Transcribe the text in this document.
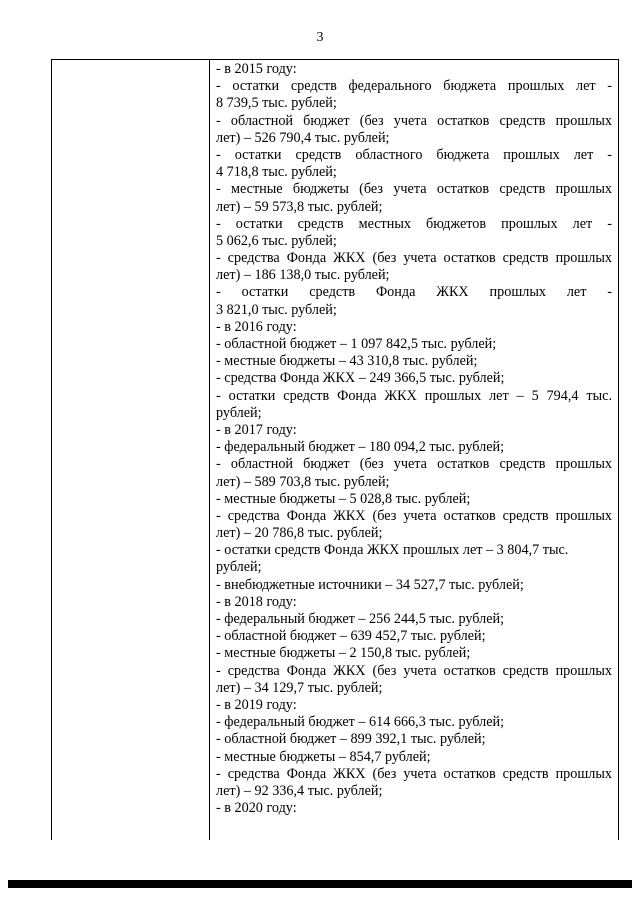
3
- в 2015 году:
- остатки средств федерального бюджета прошлых лет -
8 739,5 тыс. рублей;
- областной бюджет (без учета остатков средств прошлых
лет) – 526 790,4 тыс. рублей;
- остатки средств областного бюджета прошлых лет -
4 718,8 тыс. рублей;
- местные бюджеты (без учета остатков средств прошлых
лет) – 59 573,8 тыс. рублей;
- остатки средств местных бюджетов прошлых лет -
5 062,6 тыс. рублей;
- средства Фонда ЖКХ (без учета остатков средств прошлых
лет) – 186 138,0 тыс. рублей;
- остатки средств Фонда ЖКХ прошлых лет -
3 821,0 тыс. рублей;
- в 2016 году:
- областной бюджет – 1 097 842,5 тыс. рублей;
- местные бюджеты – 43 310,8 тыс. рублей;
- средства Фонда ЖКХ – 249 366,5 тыс. рублей;
- остатки средств Фонда ЖКХ прошлых лет – 5 794,4 тыс.
рублей;
- в 2017 году:
- федеральный бюджет – 180 094,2 тыс. рублей;
- областной бюджет (без учета остатков средств прошлых
лет) – 589 703,8 тыс. рублей;
- местные бюджеты – 5 028,8 тыс. рублей;
- средства Фонда ЖКХ (без учета остатков средств прошлых
лет) – 20 786,8 тыс. рублей;
- остатки средств Фонда ЖКХ прошлых лет – 3 804,7 тыс.
рублей;
- внебюджетные источники – 34 527,7 тыс. рублей;
- в 2018 году:
- федеральный бюджет – 256 244,5 тыс. рублей;
- областной бюджет – 639 452,7 тыс. рублей;
- местные бюджеты – 2 150,8 тыс. рублей;
- средства Фонда ЖКХ (без учета остатков средств прошлых
лет) – 34 129,7 тыс. рублей;
- в 2019 году:
- федеральный бюджет – 614 666,3 тыс. рублей;
- областной бюджет – 899 392,1 тыс. рублей;
- местные бюджеты – 854,7 рублей;
- средства Фонда ЖКХ (без учета остатков средств прошлых
лет) – 92 336,4 тыс. рублей;
- в 2020 году:
